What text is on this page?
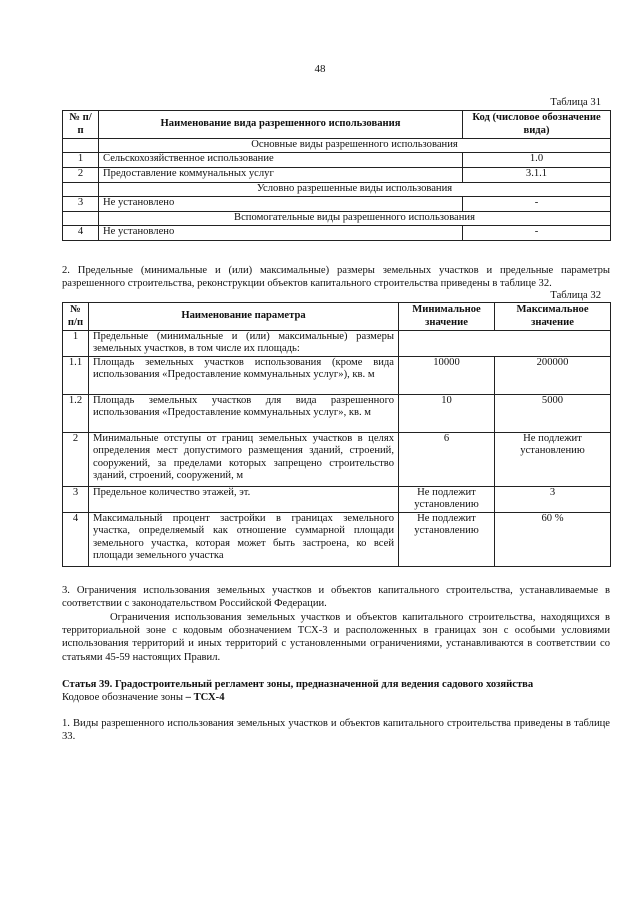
48
Таблица 31
№ п/п	Наименование вида разрешенного использования	Код (числовое обозначение вида)
	Основные виды разрешенного использования	
1	Сельскохозяйственное использование	1.0
2	Предоставление коммунальных услуг	3.1.1
	Условно разрешенные виды использования	
3	Не установлено	-
	Вспомогательные виды разрешенного использования	
4	Не установлено	-
2. Предельные (минимальные и (или) максимальные) размеры земельных участков и предельные параметры разрешенного строительства, реконструкции объектов капитального строительства приведены в таблице 32.
Таблица 32
№ п/п	Наименование параметра	Минимальное значение	Максимальное значение
1	Предельные (минимальные и (или) максимальные) размеры земельных участков, в том числе их площадь:		
1.1	Площадь земельных участков использования (кроме вида использования «Предоставление коммунальных услуг»), кв. м	10000	200000
1.2	Площадь земельных участков для вида разрешенного использования «Предоставление коммунальных услуг», кв. м	10	5000
2	Минимальные отступы от границ земельных участков в целях определения мест допустимого размещения зданий, строений, сооружений, за пределами которых запрещено строительство зданий, строений, сооружений, м	6	Не подлежит установлению
3	Предельное количество этажей, эт.	Не подлежит установлению	3
4	Максимальный процент застройки в границах земельного участка, определяемый как отношение суммарной площади земельного участка, которая может быть застроена, ко всей площади земельного участка	Не подлежит установлению	60 %
3. Ограничения использования земельных участков и объектов капитального строительства, устанавливаемые в соответствии с законодательством Российской Федерации.
Ограничения использования земельных участков и объектов капитального строительства, находящихся в территориальной зоне с кодовым обозначением ТСХ-3 и расположенных в границах зон с особыми условиями использования территорий и иных территорий с установленными ограничениями, устанавливаются в соответствии со статьями 45-59 настоящих Правил.
Статья 39. Градостроительный регламент зоны, предназначенной для ведения садового хозяйства
Кодовое обозначение зоны – ТСХ-4
1. Виды разрешенного использования земельных участков и объектов капитального строительства приведены в таблице 33.
